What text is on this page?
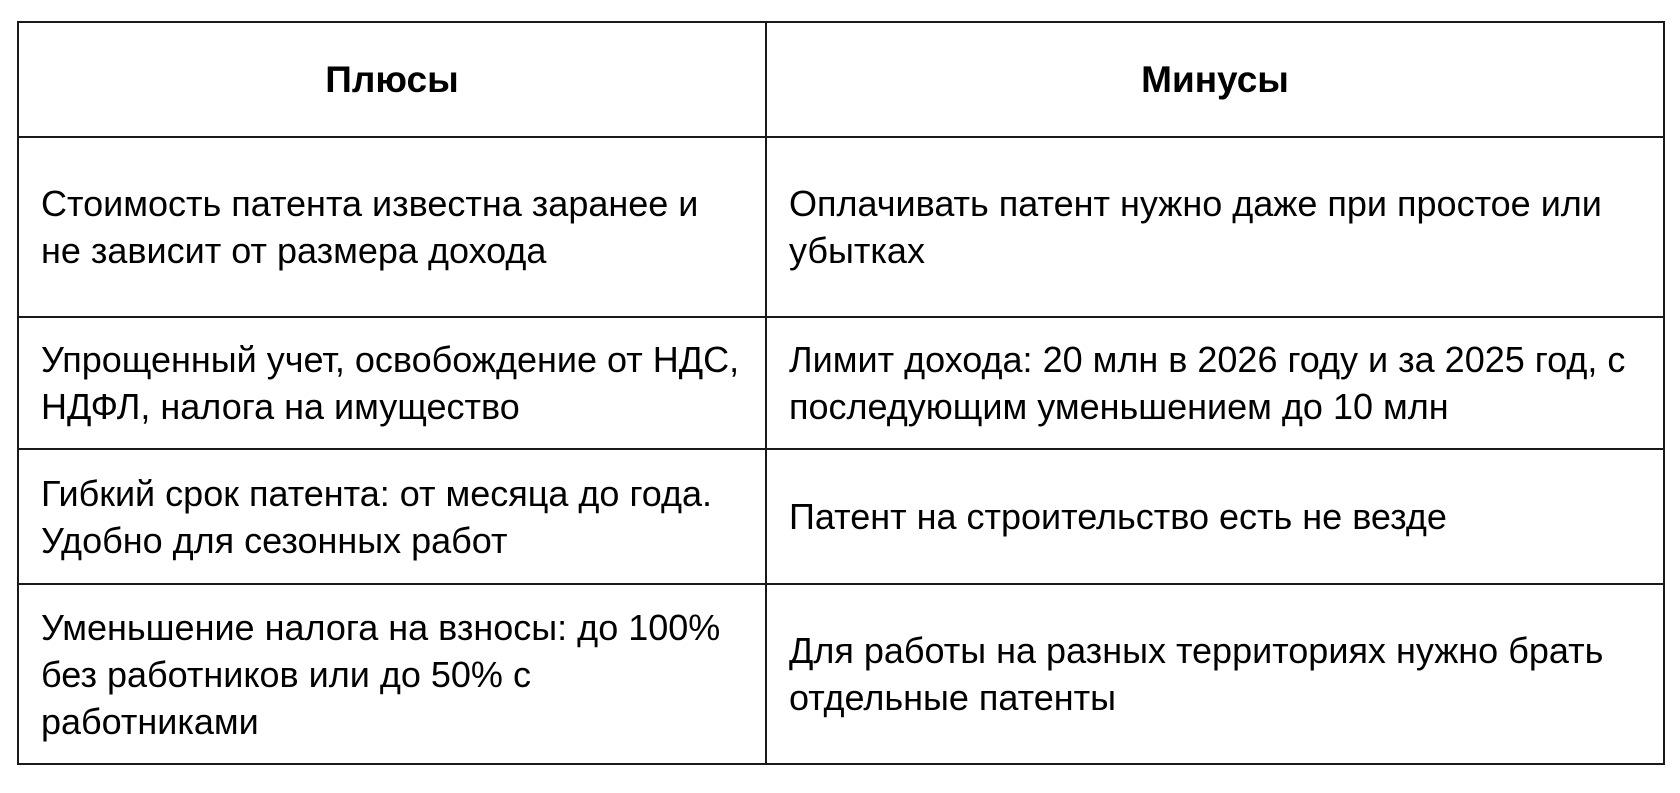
Плюсы	Минусы
Стоимость патента известна заранее и не зависит от размера дохода	Оплачивать патент нужно даже при простое или убытках
Упрощенный учет, освобождение от НДС, НДФЛ, налога на имущество	Лимит дохода: 20 млн в 2026 году и за 2025 год, с последующим уменьшением до 10 млн
Гибкий срок патента: от месяца до года. Удобно для сезонных работ	Патент на строительство есть не везде
Уменьшение налога на взносы: до 100% без работников или до 50% с работниками	Для работы на разных территориях нужно брать отдельные патенты
